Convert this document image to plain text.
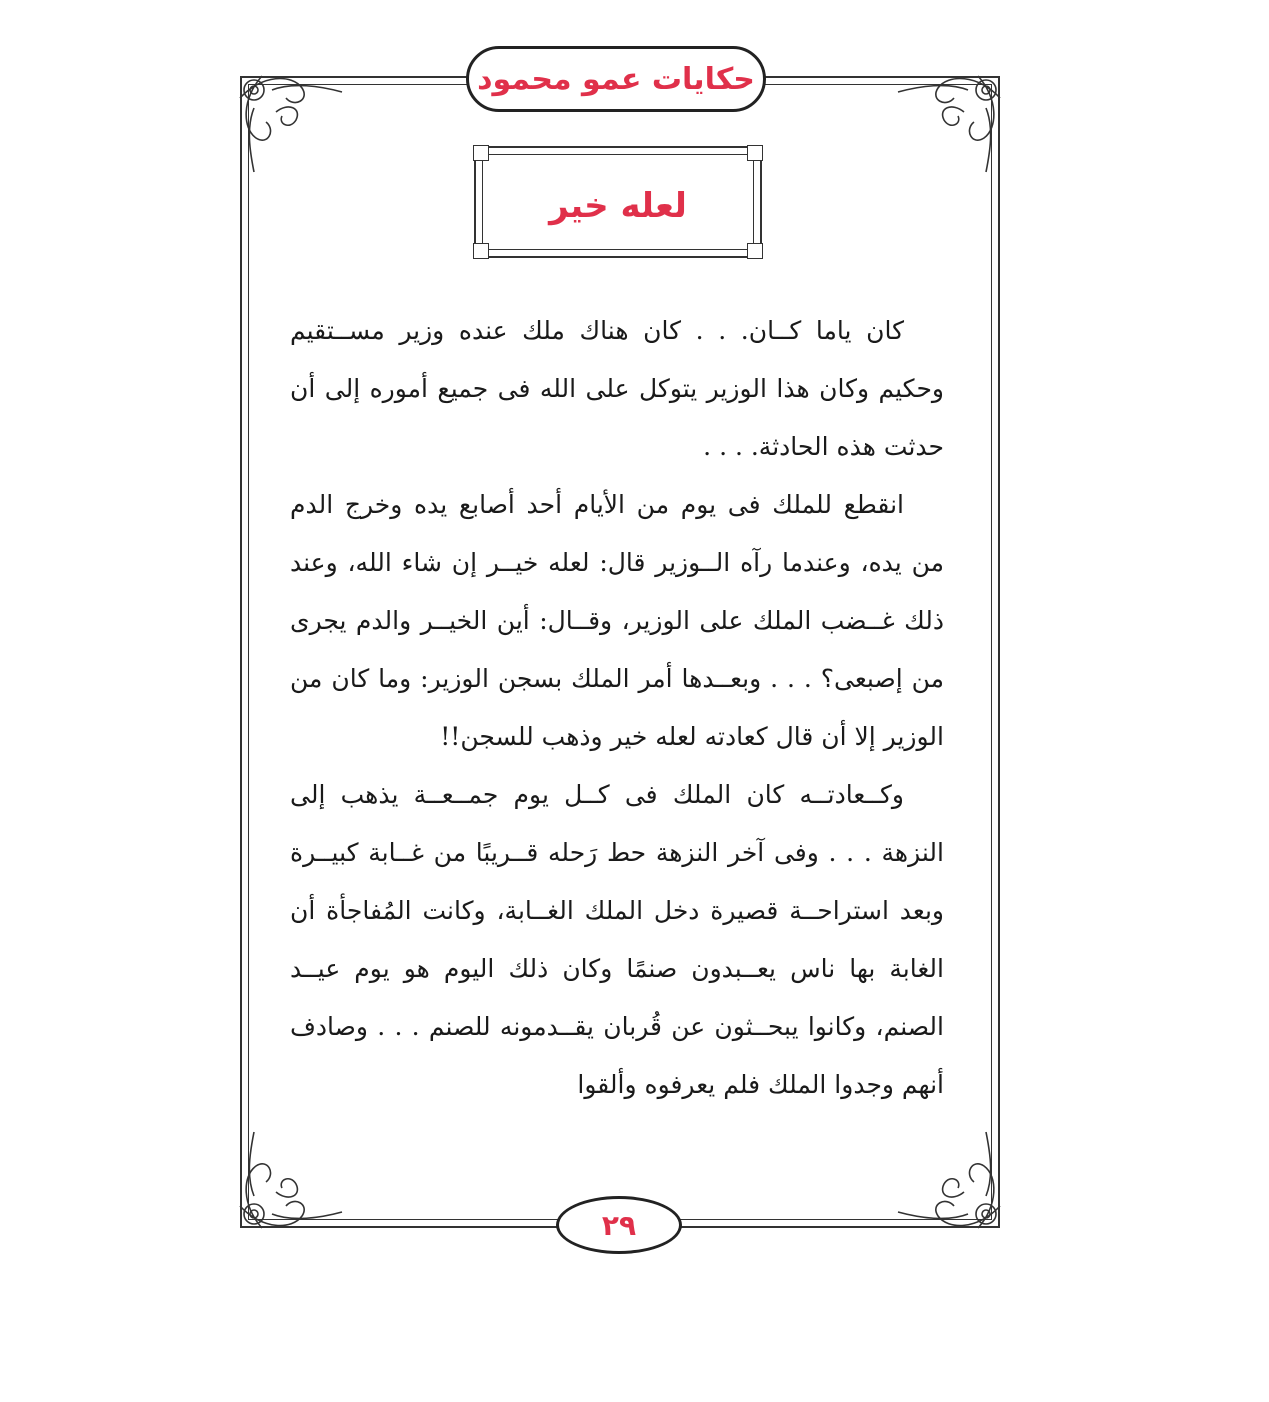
حكايات عمو محمود
لعله خير

كان ياما كــان. . . كان هناك ملك عنده وزير مســتقيم وحكيم وكان هذا الوزير يتوكل على الله فى جميع أموره إلى أن حدثت هذه الحادثة. . . .

انقطع للملك فى يوم من الأيام أحد أصابع يده وخرج الدم من يده، وعندما رآه الــوزير قال: لعله خيــر إن شاء الله، وعند ذلك غــضب الملك على الوزير، وقــال: أين الخيــر والدم يجرى من إصبعى؟ . . . وبعــدها أمر الملك بسجن الوزير: وما كان من الوزير إلا أن قال كعادته لعله خير وذهب للسجن!!

وكــعادتــه كان الملك فى كــل يوم جمــعــة يذهب إلى النزهة . . . وفى آخر النزهة حط رَحله قــريبًا من غــابة كبيــرة وبعد استراحــة قصيرة دخل الملك الغــابة، وكانت المُفاجأة أن الغابة بها ناس يعــبدون صنمًا وكان ذلك اليوم هو يوم عيــد الصنم، وكانوا يبحــثون عن قُربان يقــدمونه للصنم . . . وصادف أنهم وجدوا الملك فلم يعرفوه وألقوا

٢٩
